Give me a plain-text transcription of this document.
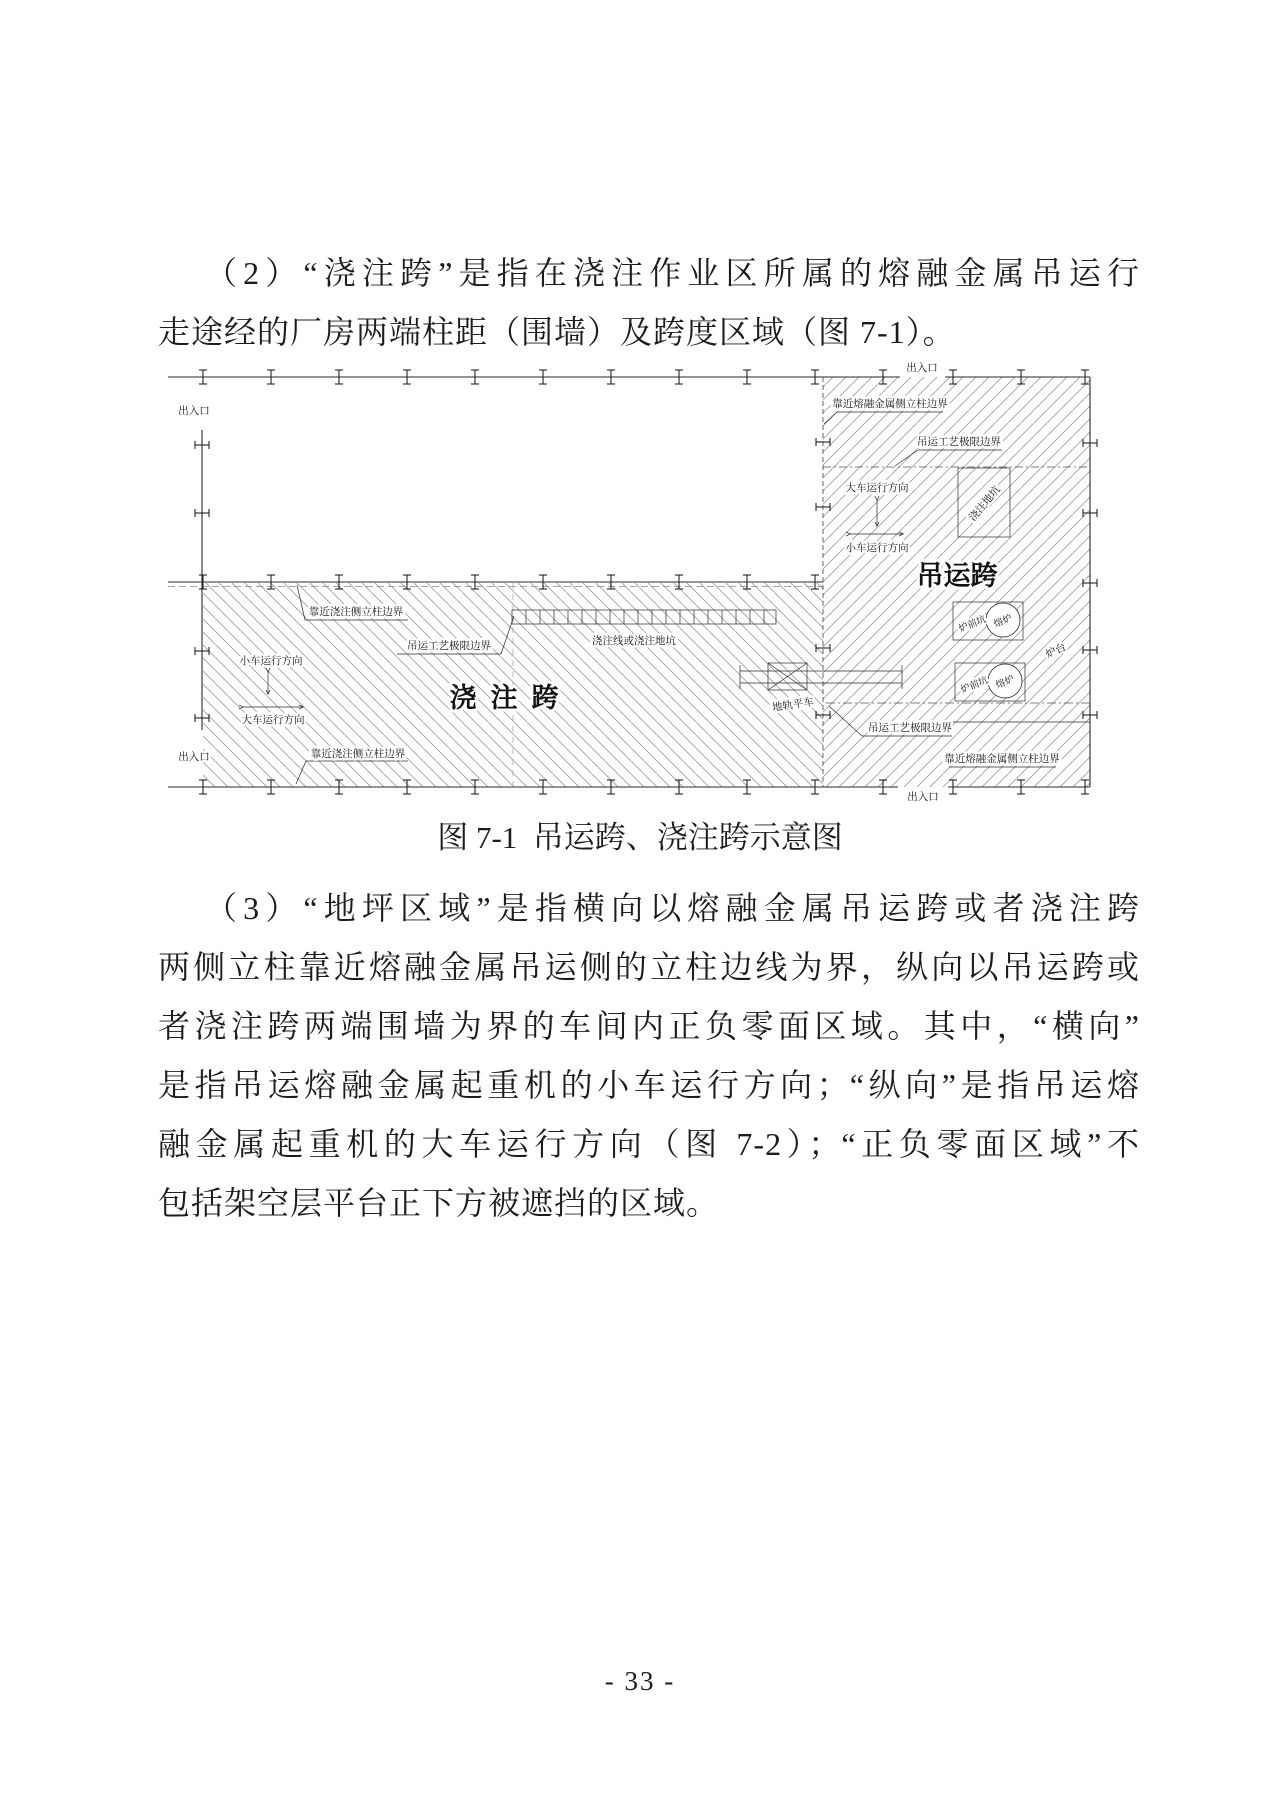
（2）“浇注跨”是指在浇注作业区所属的熔融金属吊运行
走途经的厂房两端柱距（围墙）及跨度区域（图 7-1）。
出入口
出入口
出入口
出入口
靠近熔融金属侧立柱边界
吊运工艺极限边界
大车运行方向
小车运行方向
浇注地坑
吊运跨
炉前坑 熔炉
炉前坑 熔炉
炉台
吊运工艺极限边界
靠近熔融金属侧立柱边界
靠近浇注侧立柱边界
吊运工艺极限边界	浇注线或浇注地坑
浇注跨
小车运行方向
大车运行方向
靠近浇注侧立柱边界
地轨平车
图 7-1  吊运跨、浇注跨示意图
（3）“地坪区域”是指横向以熔融金属吊运跨或者浇注跨
两侧立柱靠近熔融金属吊运侧的立柱边线为界，纵向以吊运跨或
者浇注跨两端围墙为界的车间内正负零面区域。其中，“横向”
是指吊运熔融金属起重机的小车运行方向；“纵向”是指吊运熔
融金属起重机的大车运行方向（图 7-2）；“正负零面区域”不
包括架空层平台正下方被遮挡的区域。
- 33 -
